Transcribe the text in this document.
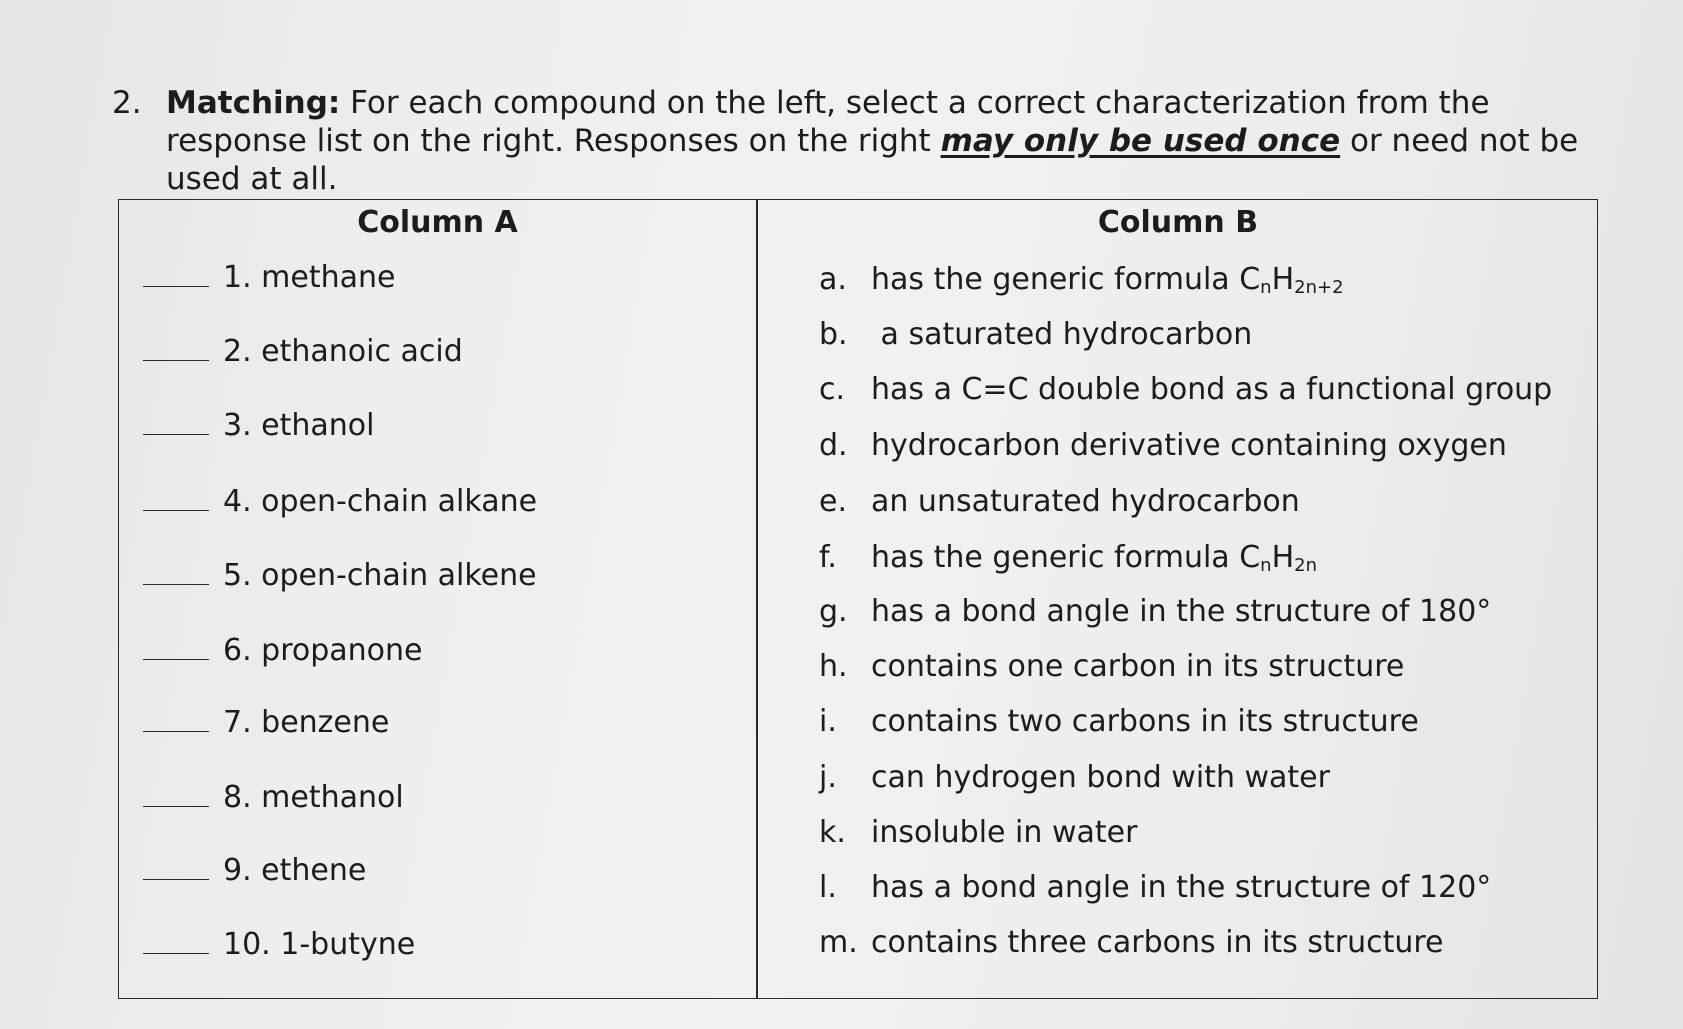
2. Matching: For each compound on the left, select a correct characterization from the response list on the right. Responses on the right may only be used once or need not be used at all.
Column A	Column B
1. methane
2. ethanoic acid
3. ethanol
4. open-chain alkane
5. open-chain alkene
6. propanone
7. benzene
8. methanol
9. ethene
10. 1-butyne
a. has the generic formula $C_nH_{2n+2}$
b. a saturated hydrocarbon
c. has a C=C double bond as a functional group
d. hydrocarbon derivative containing oxygen
e. an unsaturated hydrocarbon
f. has the generic formula $C_nH_{2n}$
g. has a bond angle in the structure of 180°
h. contains one carbon in its structure
i. contains two carbons in its structure
j. can hydrogen bond with water
k. insoluble in water
l. has a bond angle in the structure of 120°
m. contains three carbons in its structure
